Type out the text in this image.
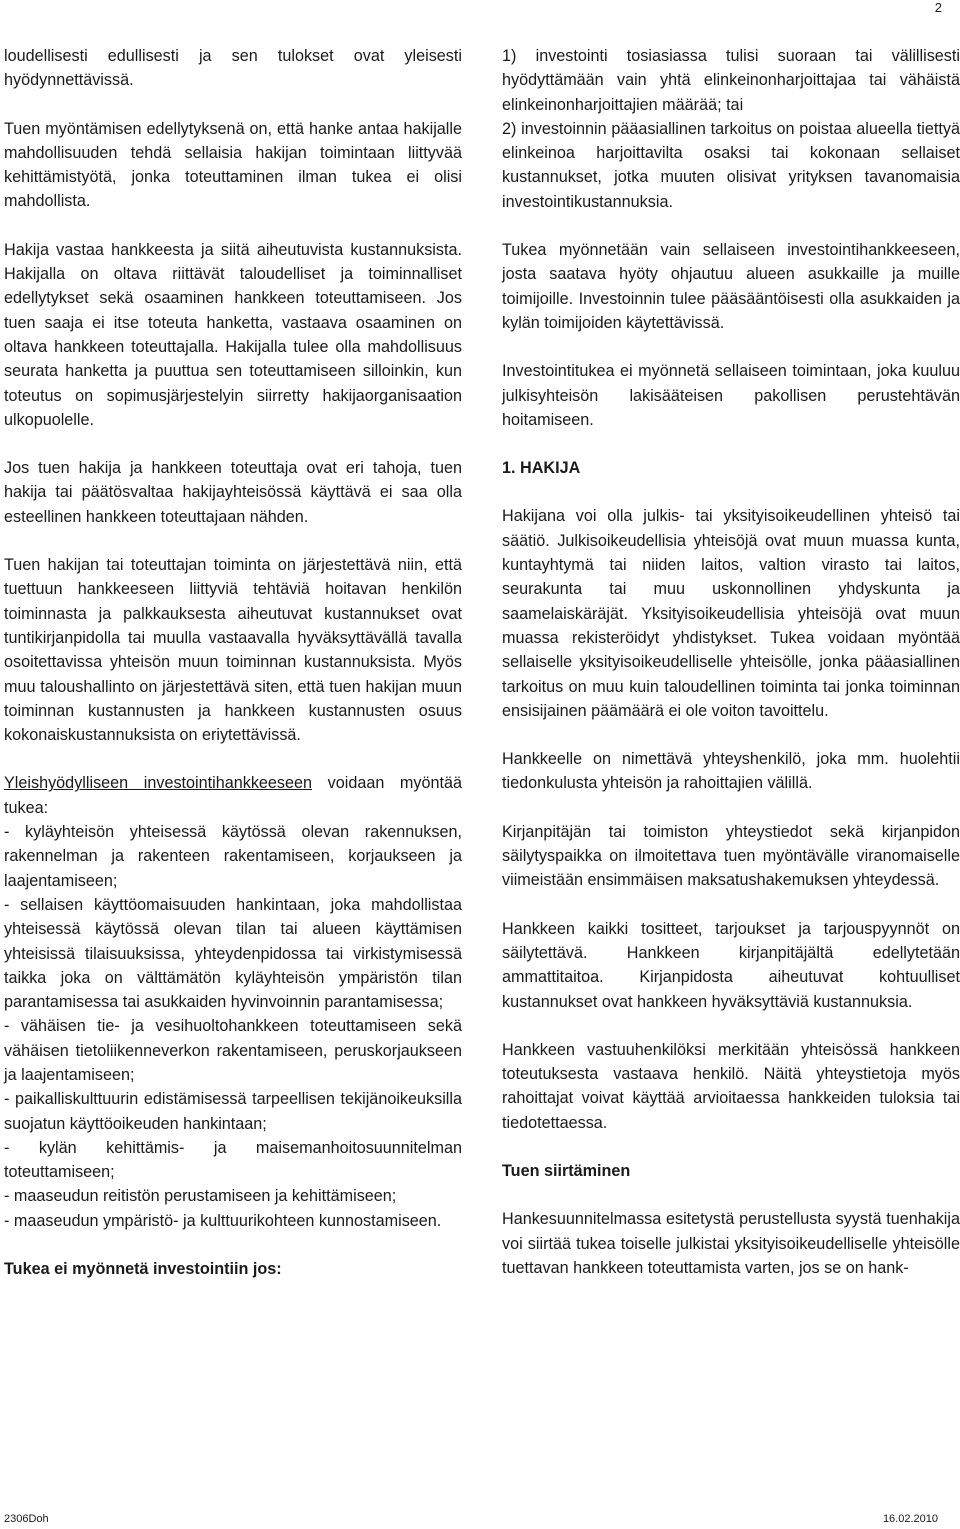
2

loudellisesti edullisesti ja sen tulokset ovat yleisesti hyödynnettävissä.

Tuen myöntämisen edellytyksenä on, että hanke antaa hakijalle mahdollisuuden tehdä sellaisia hakijan toimintaan liittyvää kehittämistyötä, jonka toteuttaminen ilman tukea ei olisi mahdollista.

Hakija vastaa hankkeesta ja siitä aiheutuvista kustannuksista. Hakijalla on oltava riittävät taloudelliset ja toiminnalliset edellytykset sekä osaaminen hankkeen toteuttamiseen. Jos tuen saaja ei itse toteuta hanketta, vastaava osaaminen on oltava hankkeen toteuttajalla. Hakijalla tulee olla mahdollisuus seurata hanketta ja puuttua sen toteuttamiseen silloinkin, kun toteutus on sopimusjärjestelyin siirretty hakijaorganisaation ulkopuolelle.

Jos tuen hakija ja hankkeen toteuttaja ovat eri tahoja, tuen hakija tai päätösvaltaa hakijayhteisössä käyttävä ei saa olla esteellinen hankkeen toteuttajaan nähden.

Tuen hakijan tai toteuttajan toiminta on järjestettävä niin, että tuettuun hankkeeseen liittyviä tehtäviä hoitavan henkilön toiminnasta ja palkkauksesta aiheutuvat kustannukset ovat tuntikirjanpidolla tai muulla vastaavalla hyväksyttävällä tavalla osoitettavissa yhteisön muun toiminnan kustannuksista. Myös muu taloushallinto on järjestettävä siten, että tuen hakijan muun toiminnan kustannusten ja hankkeen kustannusten osuus kokonaiskustannuksista on eriytettävissä.

Yleishyödylliseen investointihankkeeseen voidaan myöntää tukea:

- kyläyhteisön yhteisessä käytössä olevan rakennuksen, rakennelman ja rakenteen rakentamiseen, korjaukseen ja laajentamiseen;

- sellaisen käyttöomaisuuden hankintaan, joka mahdollistaa yhteisessä käytössä olevan tilan tai alueen käyttämisen yhteisissä tilaisuuksissa, yhteydenpidossa tai virkistymisessä taikka joka on välttämätön kyläyhteisön ympäristön tilan parantamisessa tai asukkaiden hyvinvoinnin parantamisessa;

- vähäisen tie- ja vesihuoltohankkeen toteuttamiseen sekä vähäisen tietoliikenneverkon rakentamiseen, peruskorjaukseen ja laajentamiseen;

- paikalliskulttuurin edistämisessä tarpeellisen tekijänoikeuksilla suojatun käyttöoikeuden hankintaan;

- kylän kehittämis- ja maisemanhoitosuunnitelman toteuttamiseen;

- maaseudun reitistön perustamiseen ja kehittämiseen;

- maaseudun ympäristö- ja kulttuurikohteen kunnostamiseen.

Tukea ei myönnetä investointiin jos:

1) investointi tosiasiassa tulisi suoraan tai välillisesti hyödyttämään vain yhtä elinkeinonharjoittajaa tai vähäistä elinkeinonharjoittajien määrää; tai

2) investoinnin pääasiallinen tarkoitus on poistaa alueella tiettyä elinkeinoa harjoittavilta osaksi tai kokonaan sellaiset kustannukset, jotka muuten olisivat yrityksen tavanomaisia investointikustannuksia.

Tukea myönnetään vain sellaiseen investointihankkeeseen, josta saatava hyöty ohjautuu alueen asukkaille ja muille toimijoille. Investoinnin tulee pääsääntöisesti olla asukkaiden ja kylän toimijoiden käytettävissä.

Investointitukea ei myönnetä sellaiseen toimintaan, joka kuuluu julkisyhteisön lakisääteisen pakollisen perustehtävän hoitamiseen.

1. HAKIJA

Hakijana voi olla julkis- tai yksityisoikeudellinen yhteisö tai säätiö. Julkisoikeudellisia yhteisöjä ovat muun muassa kunta, kuntayhtymä tai niiden laitos, valtion virasto tai laitos, seurakunta tai muu uskonnollinen yhdyskunta ja saamelaiskäräjät. Yksityisoikeudellisia yhteisöjä ovat muun muassa rekisteröidyt yhdistykset. Tukea voidaan myöntää sellaiselle yksityisoikeudelliselle yhteisölle, jonka pääasiallinen tarkoitus on muu kuin taloudellinen toiminta tai jonka toiminnan ensisijainen päämäärä ei ole voiton tavoittelu.

Hankkeelle on nimettävä yhteyshenkilö, joka mm. huolehtii tiedonkulusta yhteisön ja rahoittajien välillä.

Kirjanpitäjän tai toimiston yhteystiedot sekä kirjanpidon säilytyspaikka on ilmoitettava tuen myöntävälle viranomaiselle viimeistään ensimmäisen maksatushakemuksen yhteydessä.

Hankkeen kaikki tositteet, tarjoukset ja tarjouspyynnöt on säilytettävä. Hankkeen kirjanpitäjältä edellytetään ammattitaitoa. Kirjanpidosta aiheutuvat kohtuulliset kustannukset ovat hankkeen hyväksyttäviä kustannuksia.

Hankkeen vastuuhenkilöksi merkitään yhteisössä hankkeen toteutuksesta vastaava henkilö. Näitä yhteystietoja myös rahoittajat voivat käyttää arvioitaessa hankkeiden tuloksia tai tiedotettaessa.

Tuen siirtäminen

Hankesuunnitelmassa esitetystä perustellusta syystä tuenhakija voi siirtää tukea toiselle julkistai yksityisoikeudelliselle yhteisölle tuettavan hankkeen toteuttamista varten, jos se on hank-

2306Doh	16.02.2010
